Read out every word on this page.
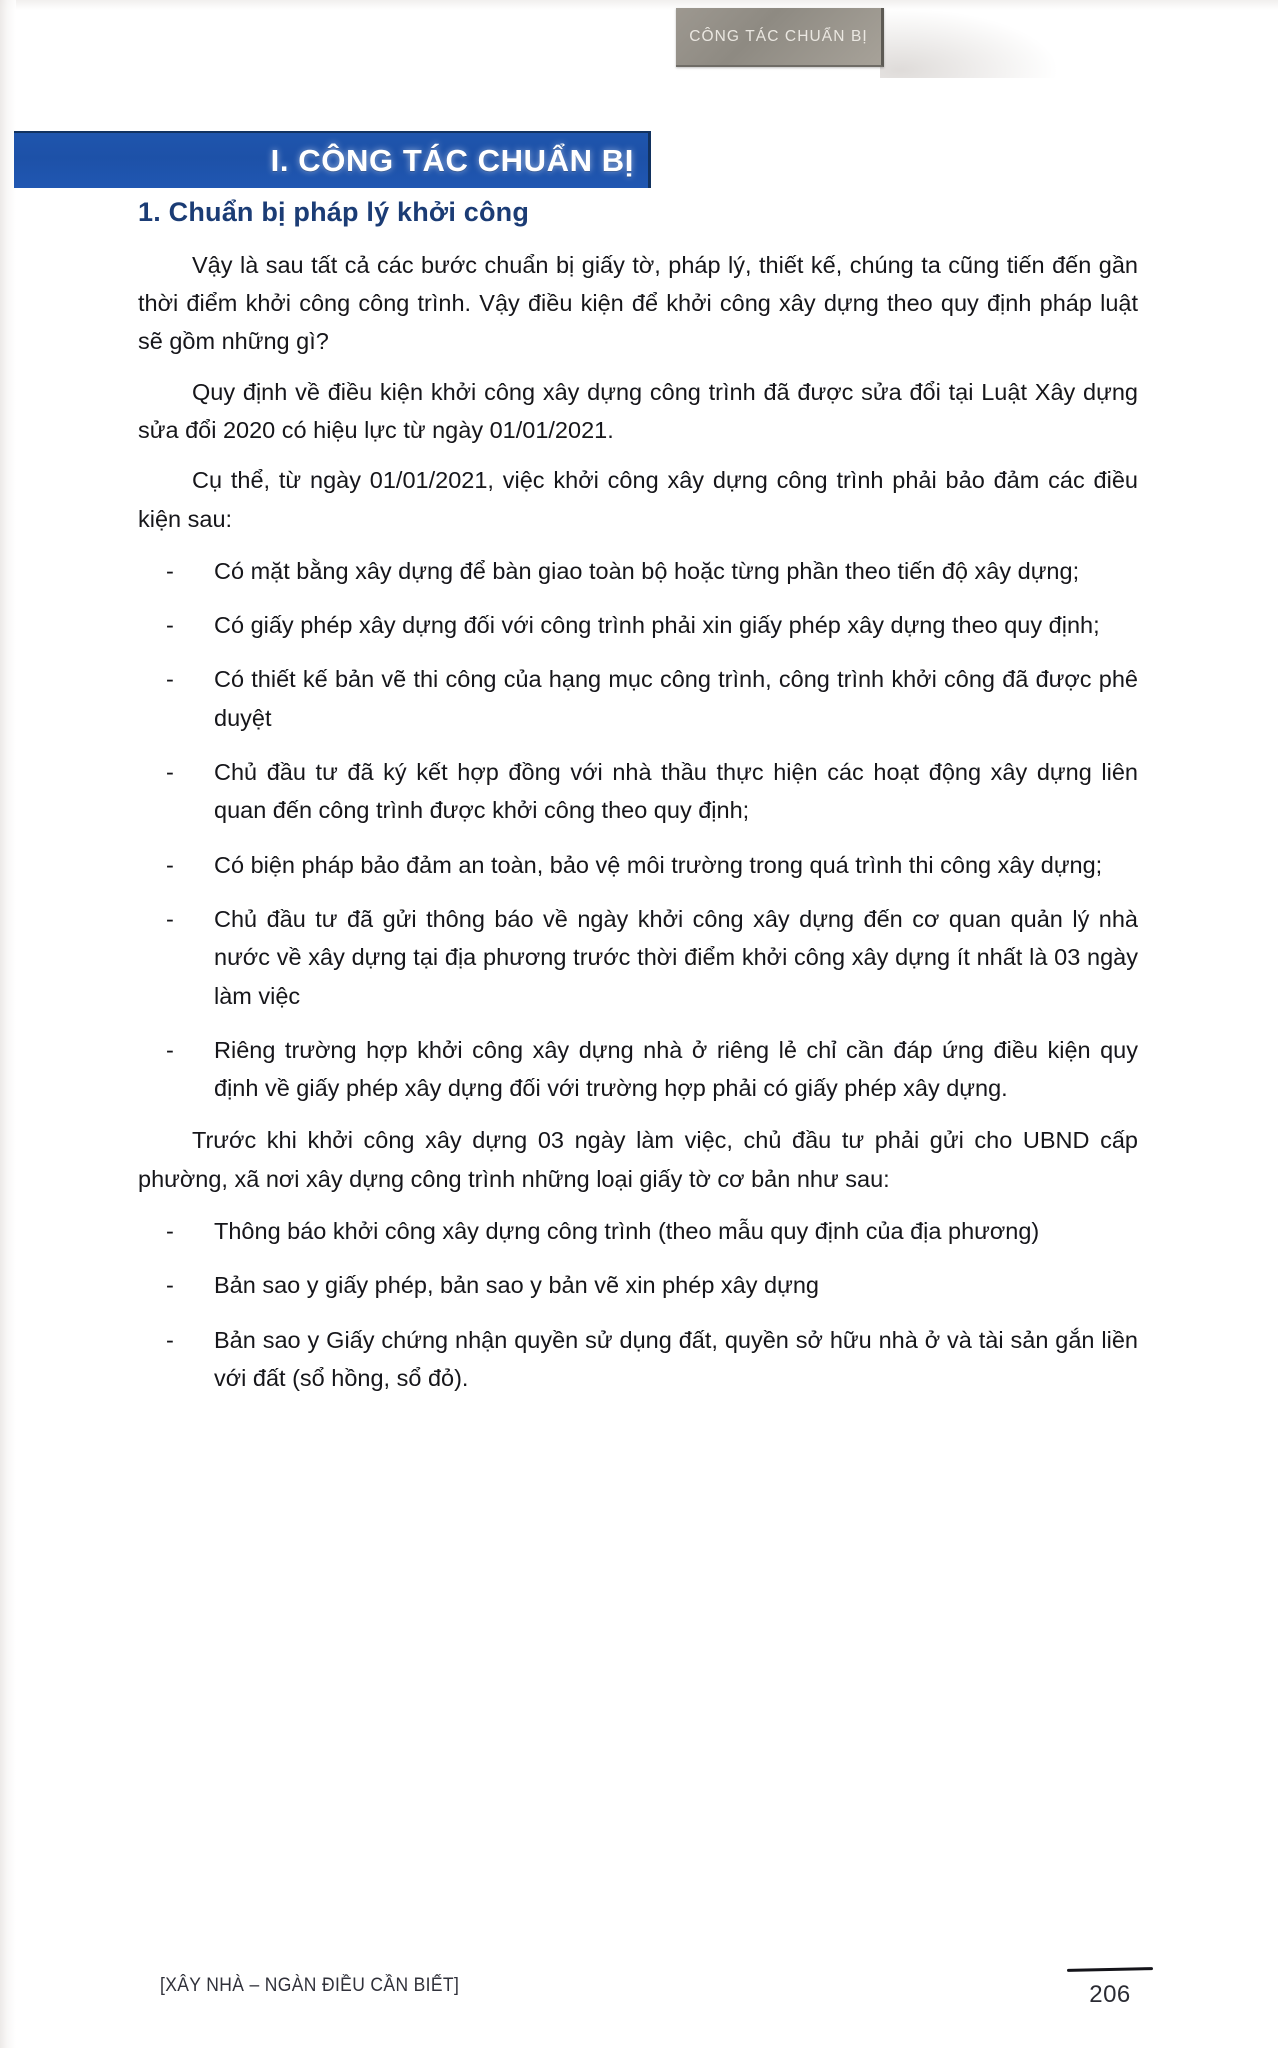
CÔNG TÁC CHUẨN BỊ
I. CÔNG TÁC CHUẨN BỊ
1. Chuẩn bị pháp lý khởi công

Vậy là sau tất cả các bước chuẩn bị giấy tờ, pháp lý, thiết kế, chúng ta cũng tiến đến gần thời điểm khởi công công trình. Vậy điều kiện để khởi công xây dựng theo quy định pháp luật sẽ gồm những gì?

Quy định về điều kiện khởi công xây dựng công trình đã được sửa đổi tại Luật Xây dựng sửa đổi 2020 có hiệu lực từ ngày 01/01/2021.

Cụ thể, từ ngày 01/01/2021, việc khởi công xây dựng công trình phải bảo đảm các điều kiện sau:

- Có mặt bằng xây dựng để bàn giao toàn bộ hoặc từng phần theo tiến độ xây dựng;
- Có giấy phép xây dựng đối với công trình phải xin giấy phép xây dựng theo quy định;
- Có thiết kế bản vẽ thi công của hạng mục công trình, công trình khởi công đã được phê duyệt
- Chủ đầu tư đã ký kết hợp đồng với nhà thầu thực hiện các hoạt động xây dựng liên quan đến công trình được khởi công theo quy định;
- Có biện pháp bảo đảm an toàn, bảo vệ môi trường trong quá trình thi công xây dựng;
- Chủ đầu tư đã gửi thông báo về ngày khởi công xây dựng đến cơ quan quản lý nhà nước về xây dựng tại địa phương trước thời điểm khởi công xây dựng ít nhất là 03 ngày làm việc
- Riêng trường hợp khởi công xây dựng nhà ở riêng lẻ chỉ cần đáp ứng điều kiện quy định về giấy phép xây dựng đối với trường hợp phải có giấy phép xây dựng.

Trước khi khởi công xây dựng 03 ngày làm việc, chủ đầu tư phải gửi cho UBND cấp phường, xã nơi xây dựng công trình những loại giấy tờ cơ bản như sau:

- Thông báo khởi công xây dựng công trình (theo mẫu quy định của địa phương)
- Bản sao y giấy phép, bản sao y bản vẽ xin phép xây dựng
- Bản sao y Giấy chứng nhận quyền sử dụng đất, quyền sở hữu nhà ở và tài sản gắn liền với đất (sổ hồng, sổ đỏ).
[XÂY NHÀ – NGÀN ĐIỀU CẦN BIẾT]	206
